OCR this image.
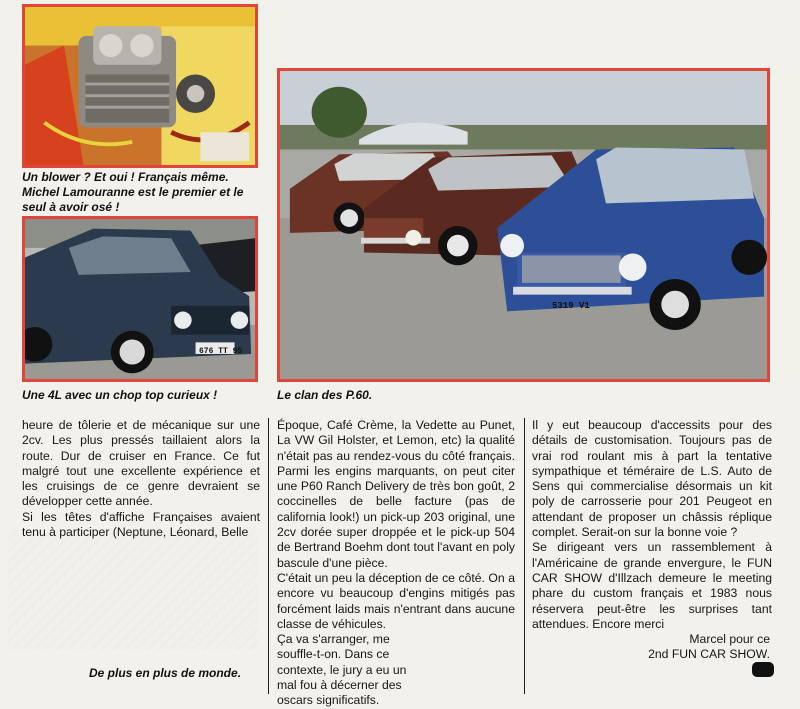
Un blower ? Et oui ! Français même.
Michel Lamouranne est le premier et le
seul à avoir osé !
676 TT 95
Une 4L avec un chop top curieux !
5319 V1
Le clan des P.60.

heure de tôlerie et de mécanique sur une 2cv. Les plus pressés taillaient alors la route. Dur de cruiser en France. Ce fut malgré tout une excellente expérience et les cruisings de ce genre devraient se développer cette année.

Si les têtes d'affiche Françaises avaient tenu à participer (Neptune, Léonard, Belle

De plus en plus de monde.

Époque, Café Crème, la Vedette au Punet, La VW Gil Holster, et Lemon, etc) la qualité n'était pas au rendez-vous du côté français. Parmi les engins marquants, on peut citer une P60 Ranch Delivery de très bon goût, 2 coccinelles de belle facture (pas de california look!) un pick-up 203 original, une 2cv dorée super droppée et le pick-up 504 de Bertrand Boehm dont tout l'avant en poly bascule d'une pièce.

C'était un peu la déception de ce côté. On a encore vu beaucoup d'engins mitigés pas forcément laids mais n'entrant dans aucune classe de véhicules.

Ça va s'arranger, me souffle-t-on. Dans ce contexte, le jury a eu un mal fou à décerner des oscars significatifs.

Il y eut beaucoup d'accessits pour des détails de customisation. Toujours pas de vrai rod roulant mis à part la tentative sympathique et téméraire de L.S. Auto de Sens qui commercialise désormais un kit poly de carrosserie pour 201 Peugeot en attendant de proposer un châssis réplique complet. Serait-on sur la bonne voie ?

Se dirigeant vers un rassemblement à l'Américaine de grande envergure, le FUN CAR SHOW d'Illzach demeure le meeting phare du custom français et 1983 nous réservera peut-être les surprises tant attendues. Encore merci

Marcel pour ce

2nd FUN CAR SHOW.
